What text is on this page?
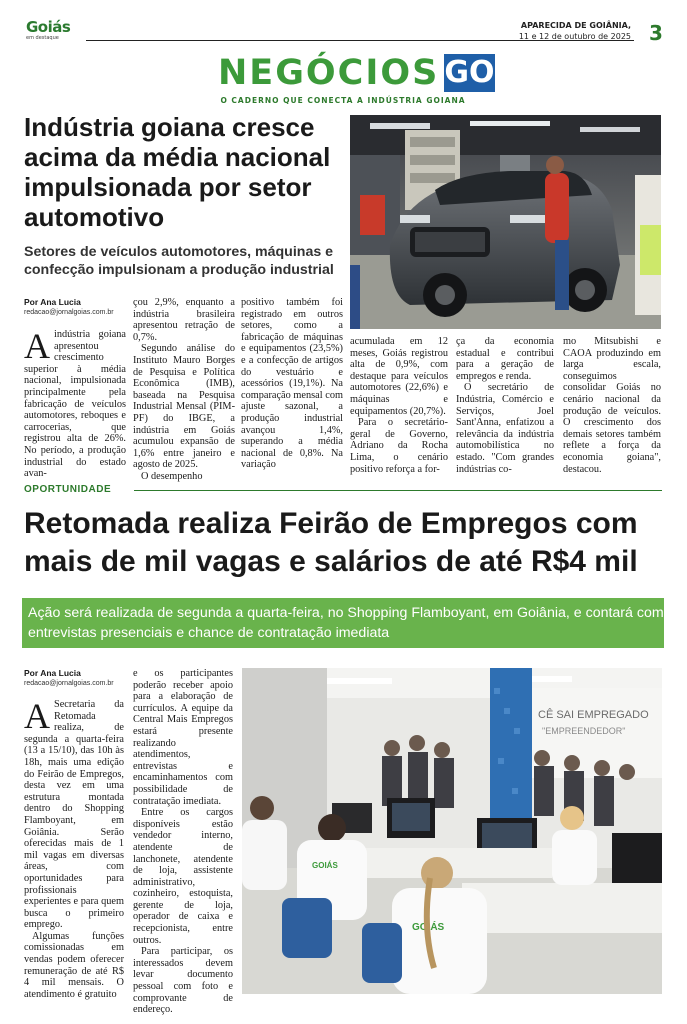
Goiás
em destaque
APARECIDA DE GOIÂNIA,
11 e 12 de outubro de 2025 3
NEGÓCIOS GO
O CADERNO QUE CONECTA A INDÚSTRIA GOIANA
Indústria goiana cresce acima da média nacional impulsionada por setor automotivo
Setores de veículos automotores, máquinas e confecção impulsionam a produção industrial
Por Ana Lucia
redacao@jornalgoias.com.br

Aindústria goiana apresentou crescimento superior à média nacional, impulsionada principalmente pela fabricação de veículos automotores, reboques e carrocerias, que registrou alta de 26%. No período, a produção industrial do estado avan-

çou 2,9%, enquanto a indústria brasileira apresentou retração de 0,7%.

Segundo análise do Instituto Mauro Borges de Pesquisa e Política Econômica (IMB), baseada na Pesquisa Industrial Mensal (PIM-PF) do IBGE, a indústria em Goiás acumulou expansão de 1,6% entre janeiro e agosto de 2025.

O desempenho

positivo também foi registrado em outros setores, como a fabricação de máquinas e equipamentos (23,5%) e a confecção de artigos do vestuário e acessórios (19,1%). Na comparação mensal com ajuste sazonal, a produção industrial avançou 1,4%, superando a média nacional de 0,8%. Na variação

acumulada em 12 meses, Goiás registrou alta de 0,9%, com destaque para veículos automotores (22,6%) e máquinas e equipamentos (20,7%).

Para o secretário-geral de Governo, Adriano da Rocha Lima, o cenário positivo reforça a for-

ça da economia estadual e contribui para a geração de empregos e renda.

O secretário de Indústria, Comércio e Serviços, Joel Sant'Anna, enfatizou a relevância da indústria automobilística no estado. "Com grandes indústrias co-

mo Mitsubishi e CAOA produzindo em larga escala, conseguimos consolidar Goiás no cenário nacional da produção de veículos. O crescimento dos demais setores também reflete a força da economia goiana", destacou.

OPORTUNIDADE
Retomada realiza Feirão de Empregos com mais de mil vagas e salários de até R$4 mil
Ação será realizada de segunda a quarta-feira, no Shopping Flamboyant, em Goiânia, e contará com entrevistas presenciais e chance de contratação imediata
Por Ana Lucia
redacao@jornalgoias.com.br

A Secretaria da Retomada realiza, de segunda a quarta-feira (13 a 15/10), das 10h às 18h, mais uma edição do Feirão de Empregos, desta vez em uma estrutura montada dentro do Shopping Flamboyant, em Goiânia. Serão oferecidas mais de 1 mil vagas em diversas áreas, com oportunidades para profissionais experientes e para quem busca o primeiro emprego.

Algumas funções comissionadas em vendas podem oferecer remuneração de até R$ 4 mil mensais. O atendimento é gratuito

e os participantes poderão receber apoio para a elaboração de currículos. A equipe da Central Mais Empregos estará presente realizando atendimentos, entrevistas e encaminhamentos com possibilidade de contratação imediata.

Entre os cargos disponíveis estão vendedor interno, atendente de lanchonete, atendente de loja, assistente administrativo, cozinheiro, estoquista, gerente de loja, operador de caixa e recepcionista, entre outros.

Para participar, os interessados devem levar documento pessoal com foto e comprovante de endereço.

CÊ SAI EMPREGADO
"EMPREENDEDOR"
GOIÁS
GOIÁS
